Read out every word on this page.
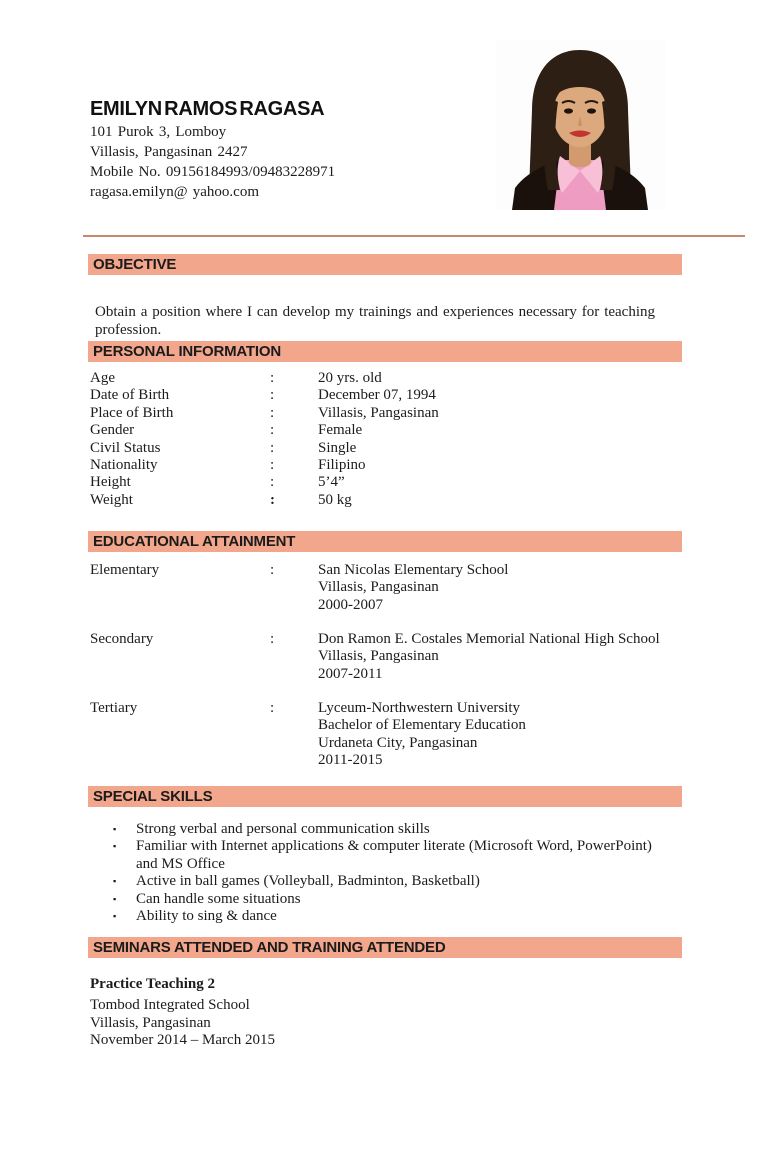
EMILYN RAMOS RAGASA
101 Purok 3, Lomboy
Villasis, Pangasinan 2427
Mobile No. 09156184993/09483228971
ragasa.emilyn@ yahoo.com
OBJECTIVE

Obtain a position where I can develop my trainings and experiences necessary for teaching profession.

PERSONAL INFORMATION
Age	:	20 yrs. old
Date of Birth	:	December 07, 1994
Place of Birth	:	Villasis, Pangasinan
Gender	:	Female
Civil Status	:	Single
Nationality	:	Filipino
Height	:	5’4”
Weight	:	50 kg
EDUCATIONAL ATTAINMENT
Elementary	:	San Nicolas Elementary School
Villasis, Pangasinan
2000-2007
Secondary	:	Don Ramon E. Costales Memorial National High School
Villasis, Pangasinan
2007-2011
Tertiary	:	Lyceum-Northwestern University
Bachelor of Elementary Education
Urdaneta City, Pangasinan
2011-2015
SPECIAL SKILLS
▪	Strong verbal and personal communication skills
▪	Familiar with Internet applications & computer literate (Microsoft Word, PowerPoint) and MS Office
▪	Active in ball games (Volleyball, Badminton, Basketball)
▪	Can handle some situations
▪	Ability to sing & dance
SEMINARS ATTENDED AND TRAINING ATTENDED
Practice Teaching 2
Tombod Integrated School
Villasis, Pangasinan
November 2014 – March 2015
